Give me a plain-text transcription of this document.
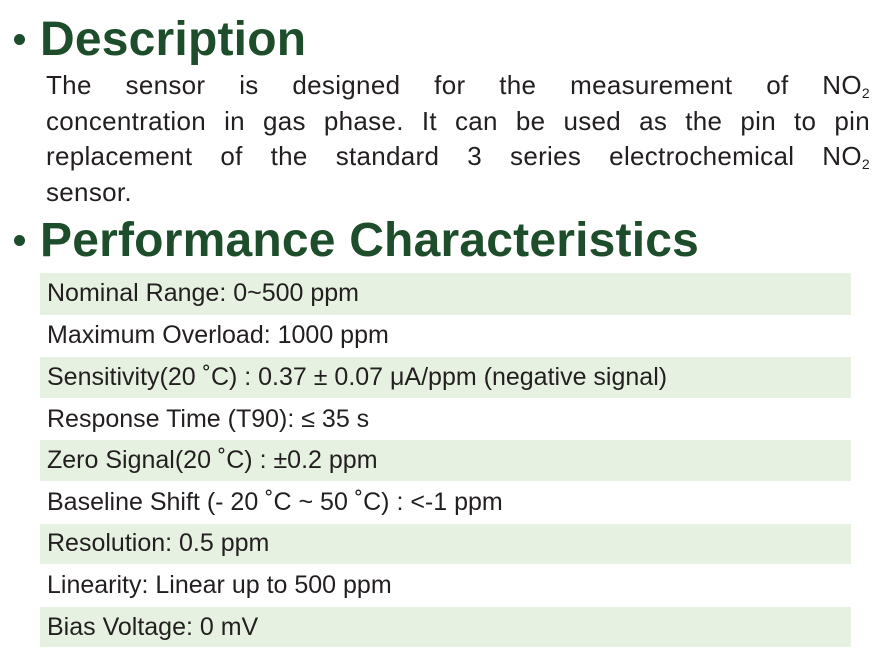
Description
The sensor is designed for the measurement of $NO_2$
concentration in gas phase. It can be used as the pin to pin
replacement of the standard 3 series electrochemical $NO_2$
sensor.
Performance Characteristics
Nominal Range: 0~500 ppm
Maximum Overload: 1000 ppm
Sensitivity(20 ˚C) : 0.37 ± 0.07 μA/ppm (negative signal)
Response Time (T90): ≤ 35 s
Zero Signal(20 ˚C) : ±0.2 ppm
Baseline Shift (- 20 ˚C ~ 50 ˚C) : <-1 ppm
Resolution: 0.5 ppm
Linearity: Linear up to 500 ppm
Bias Voltage: 0 mV
